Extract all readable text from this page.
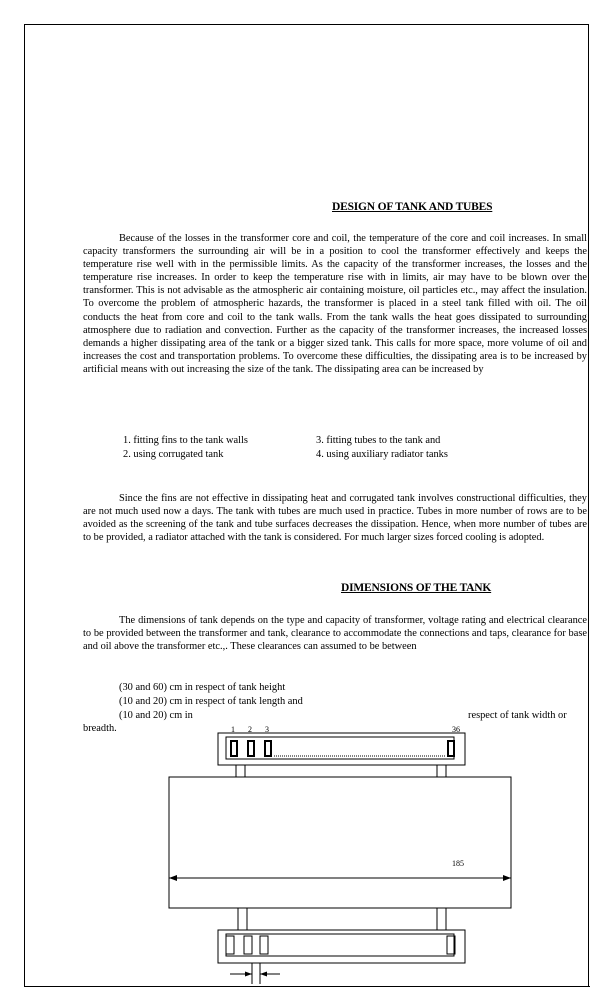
DESIGN OF TANK AND TUBES
Because of the losses in the transformer core and coil, the temperature of the core and coil increases. In small capacity transformers the surrounding air will be in a position to cool the transformer effectively and keeps the temperature rise well with in the permissible limits. As the capacity of the transformer increases, the losses and the temperature rise increases. In order to keep the temperature rise with in limits, air may have to be blown over the transformer. This is not advisable as the atmospheric air containing moisture, oil particles etc., may affect the insulation. To overcome the problem of atmospheric hazards, the transformer is placed in a steel tank filled with oil. The oil conducts the heat from core and coil to the tank walls. From the tank walls the heat goes dissipated to surrounding atmosphere due to radiation and convection. Further as the capacity of the transformer increases, the increased losses demands a higher dissipating area of the tank or a bigger sized tank. This calls for more space, more volume of oil and increases the cost and transportation problems. To overcome these difficulties, the dissipating area is to be increased by artificial means with out increasing the size of the tank. The dissipating area can be increased by
1. fitting fins to the tank walls
2. using corrugated tank
3. fitting tubes to the tank and
4. using auxiliary radiator tanks
Since the fins are not effective in dissipating heat and corrugated tank involves constructional difficulties, they are not much used now a days. The tank with tubes are much used in practice. Tubes in more number of rows are to be avoided as the screening of the tank and tube surfaces decreases the dissipation. Hence, when more number of tubes are to be provided, a radiator attached with the tank is considered. For much larger sizes forced cooling is adopted.
DIMENSIONS OF THE TANK
The dimensions of tank depends on the type and capacity of transformer, voltage rating and electrical clearance to be provided between the transformer and tank, clearance to accommodate the connections and taps, clearance for base and oil above the transformer etc.,. These clearances can assumed to be between
(30 and 60) cm in respect of tank height
(10 and 20) cm in respect of tank length and
(10 and 20) cm in	respect of tank width or
breadth.	1 2 3	36
185
